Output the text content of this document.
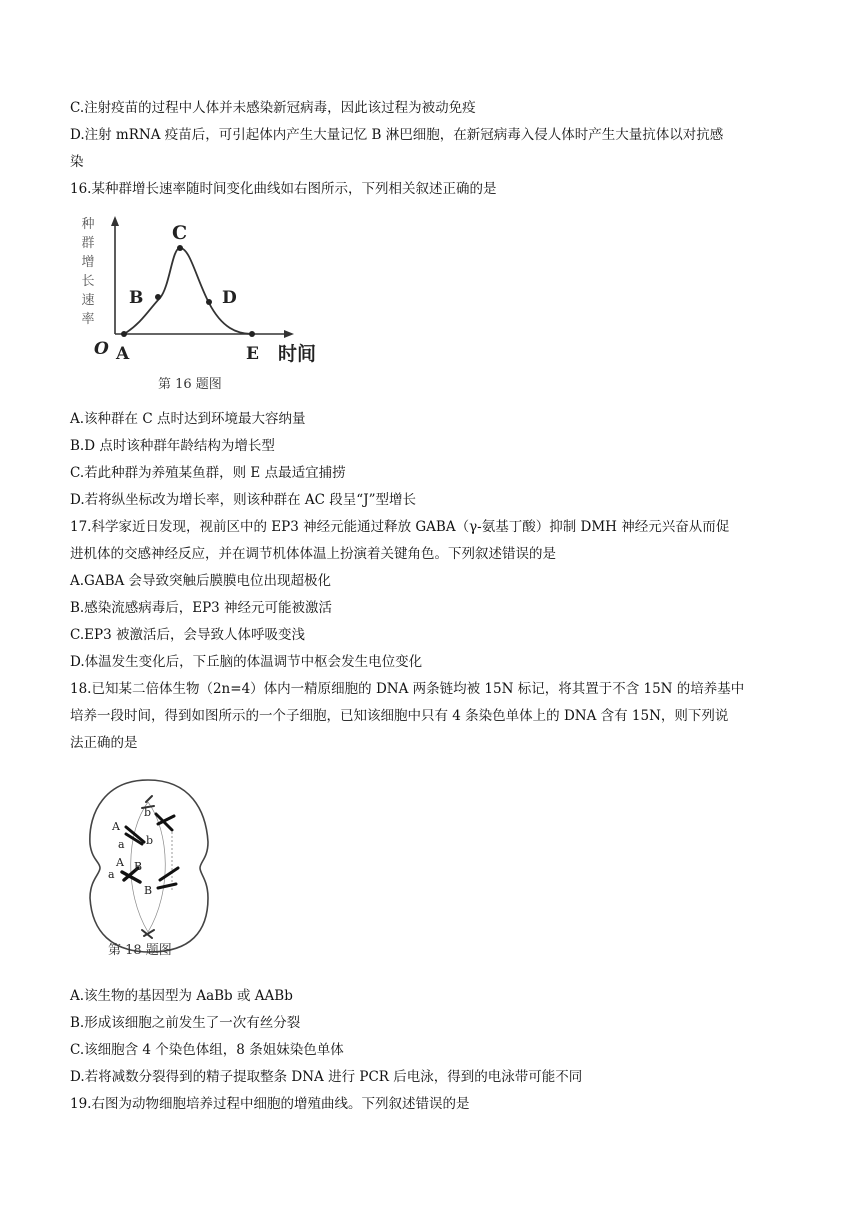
C.注射疫苗的过程中人体并未感染新冠病毒，因此该过程为被动免疫
D.注射 mRNA 疫苗后，可引起体内产生大量记忆 B 淋巴细胞，在新冠病毒入侵人体时产生大量抗体以对抗感
染
16.某种群增长速率随时间变化曲线如右图所示，下列相关叙述正确的是
种
群
增
长
速
率
O A
B
C
D
E 时间
第 16 题图
A.该种群在 C 点时达到环境最大容纳量
B.D 点时该种群年龄结构为增长型
C.若此种群为养殖某鱼群，则 E 点最适宜捕捞
D.若将纵坐标改为增长率，则该种群在 AC 段呈“J”型增长
17.科学家近日发现，视前区中的 EP3 神经元能通过释放 GABA（γ-氨基丁酸）抑制 DMH 神经元兴奋从而促
进机体的交感神经反应，并在调节机体体温上扮演着关键角色。下列叙述错误的是
A.GABA 会导致突触后膜膜电位出现超极化
B.感染流感病毒后，EP3 神经元可能被激活
C.EP3 被激活后，会导致人体呼吸变浅
D.体温发生变化后，下丘脑的体温调节中枢会发生电位变化
18.已知某二倍体生物（2n=4）体内一精原细胞的 DNA 两条链均被 15N 标记，将其置于不含 15N 的培养基中
培养一段时间，得到如图所示的一个子细胞，已知该细胞中只有 4 条染色单体上的 DNA 含有 15N，则下列说
法正确的是
A
a
A
a
B
b
B
b
第 18 题图
A.该生物的基因型为 AaBb 或 AABb
B.形成该细胞之前发生了一次有丝分裂
C.该细胞含 4 个染色体组，8 条姐妹染色单体
D.若将减数分裂得到的精子提取整条 DNA 进行 PCR 后电泳，得到的电泳带可能不同
19.右图为动物细胞培养过程中细胞的增殖曲线。下列叙述错误的是
